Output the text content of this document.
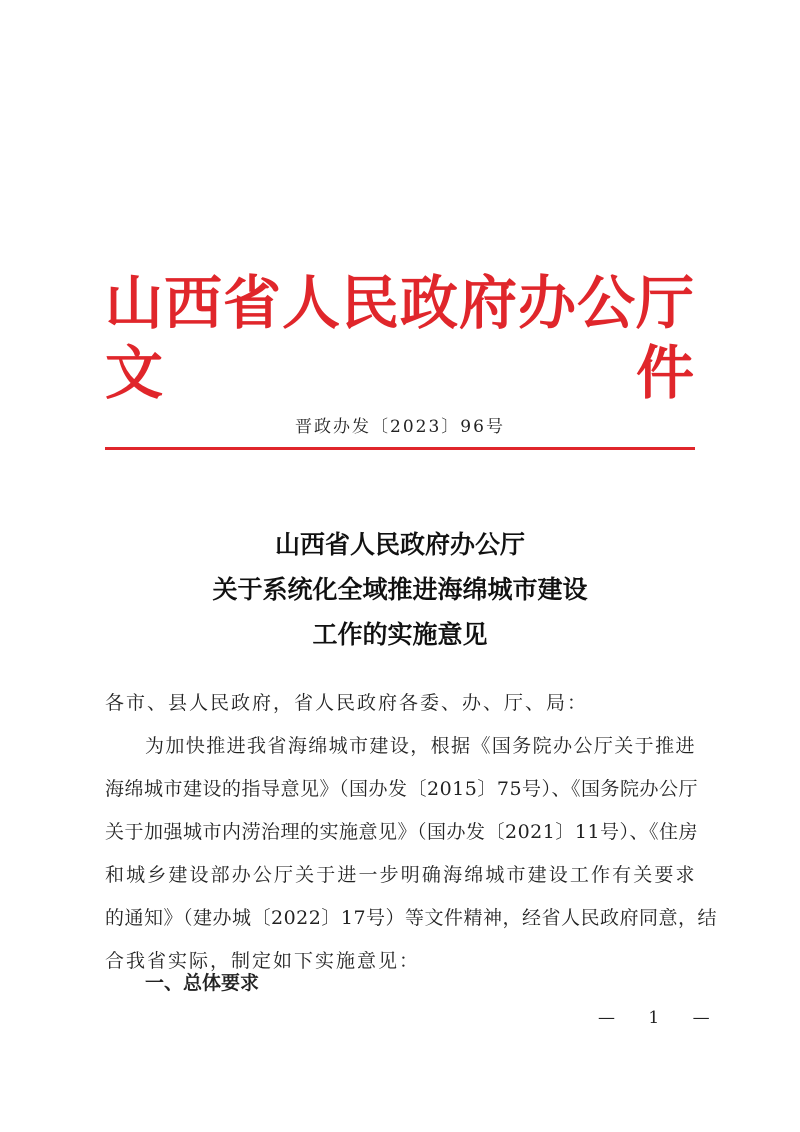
山西省人民政府办公厅文件
晋政办发〔2023〕96号
山西省人民政府办公厅
关于系统化全域推进海绵城市建设
工作的实施意见
各市、县人民政府，省人民政府各委、办、厅、局：
为加快推进我省海绵城市建设，根据《国务院办公厅关于推进
海绵城市建设的指导意见》（国办发〔2015〕75号）、《国务院办公厅
关于加强城市内涝治理的实施意见》（国办发〔2021〕11号）、《住房
和城乡建设部办公厅关于进一步明确海绵城市建设工作有关要求
的通知》（建办城〔2022〕17号）等文件精神，经省人民政府同意，结
合我省实际，制定如下实施意见：
一、总体要求
— 1 —
